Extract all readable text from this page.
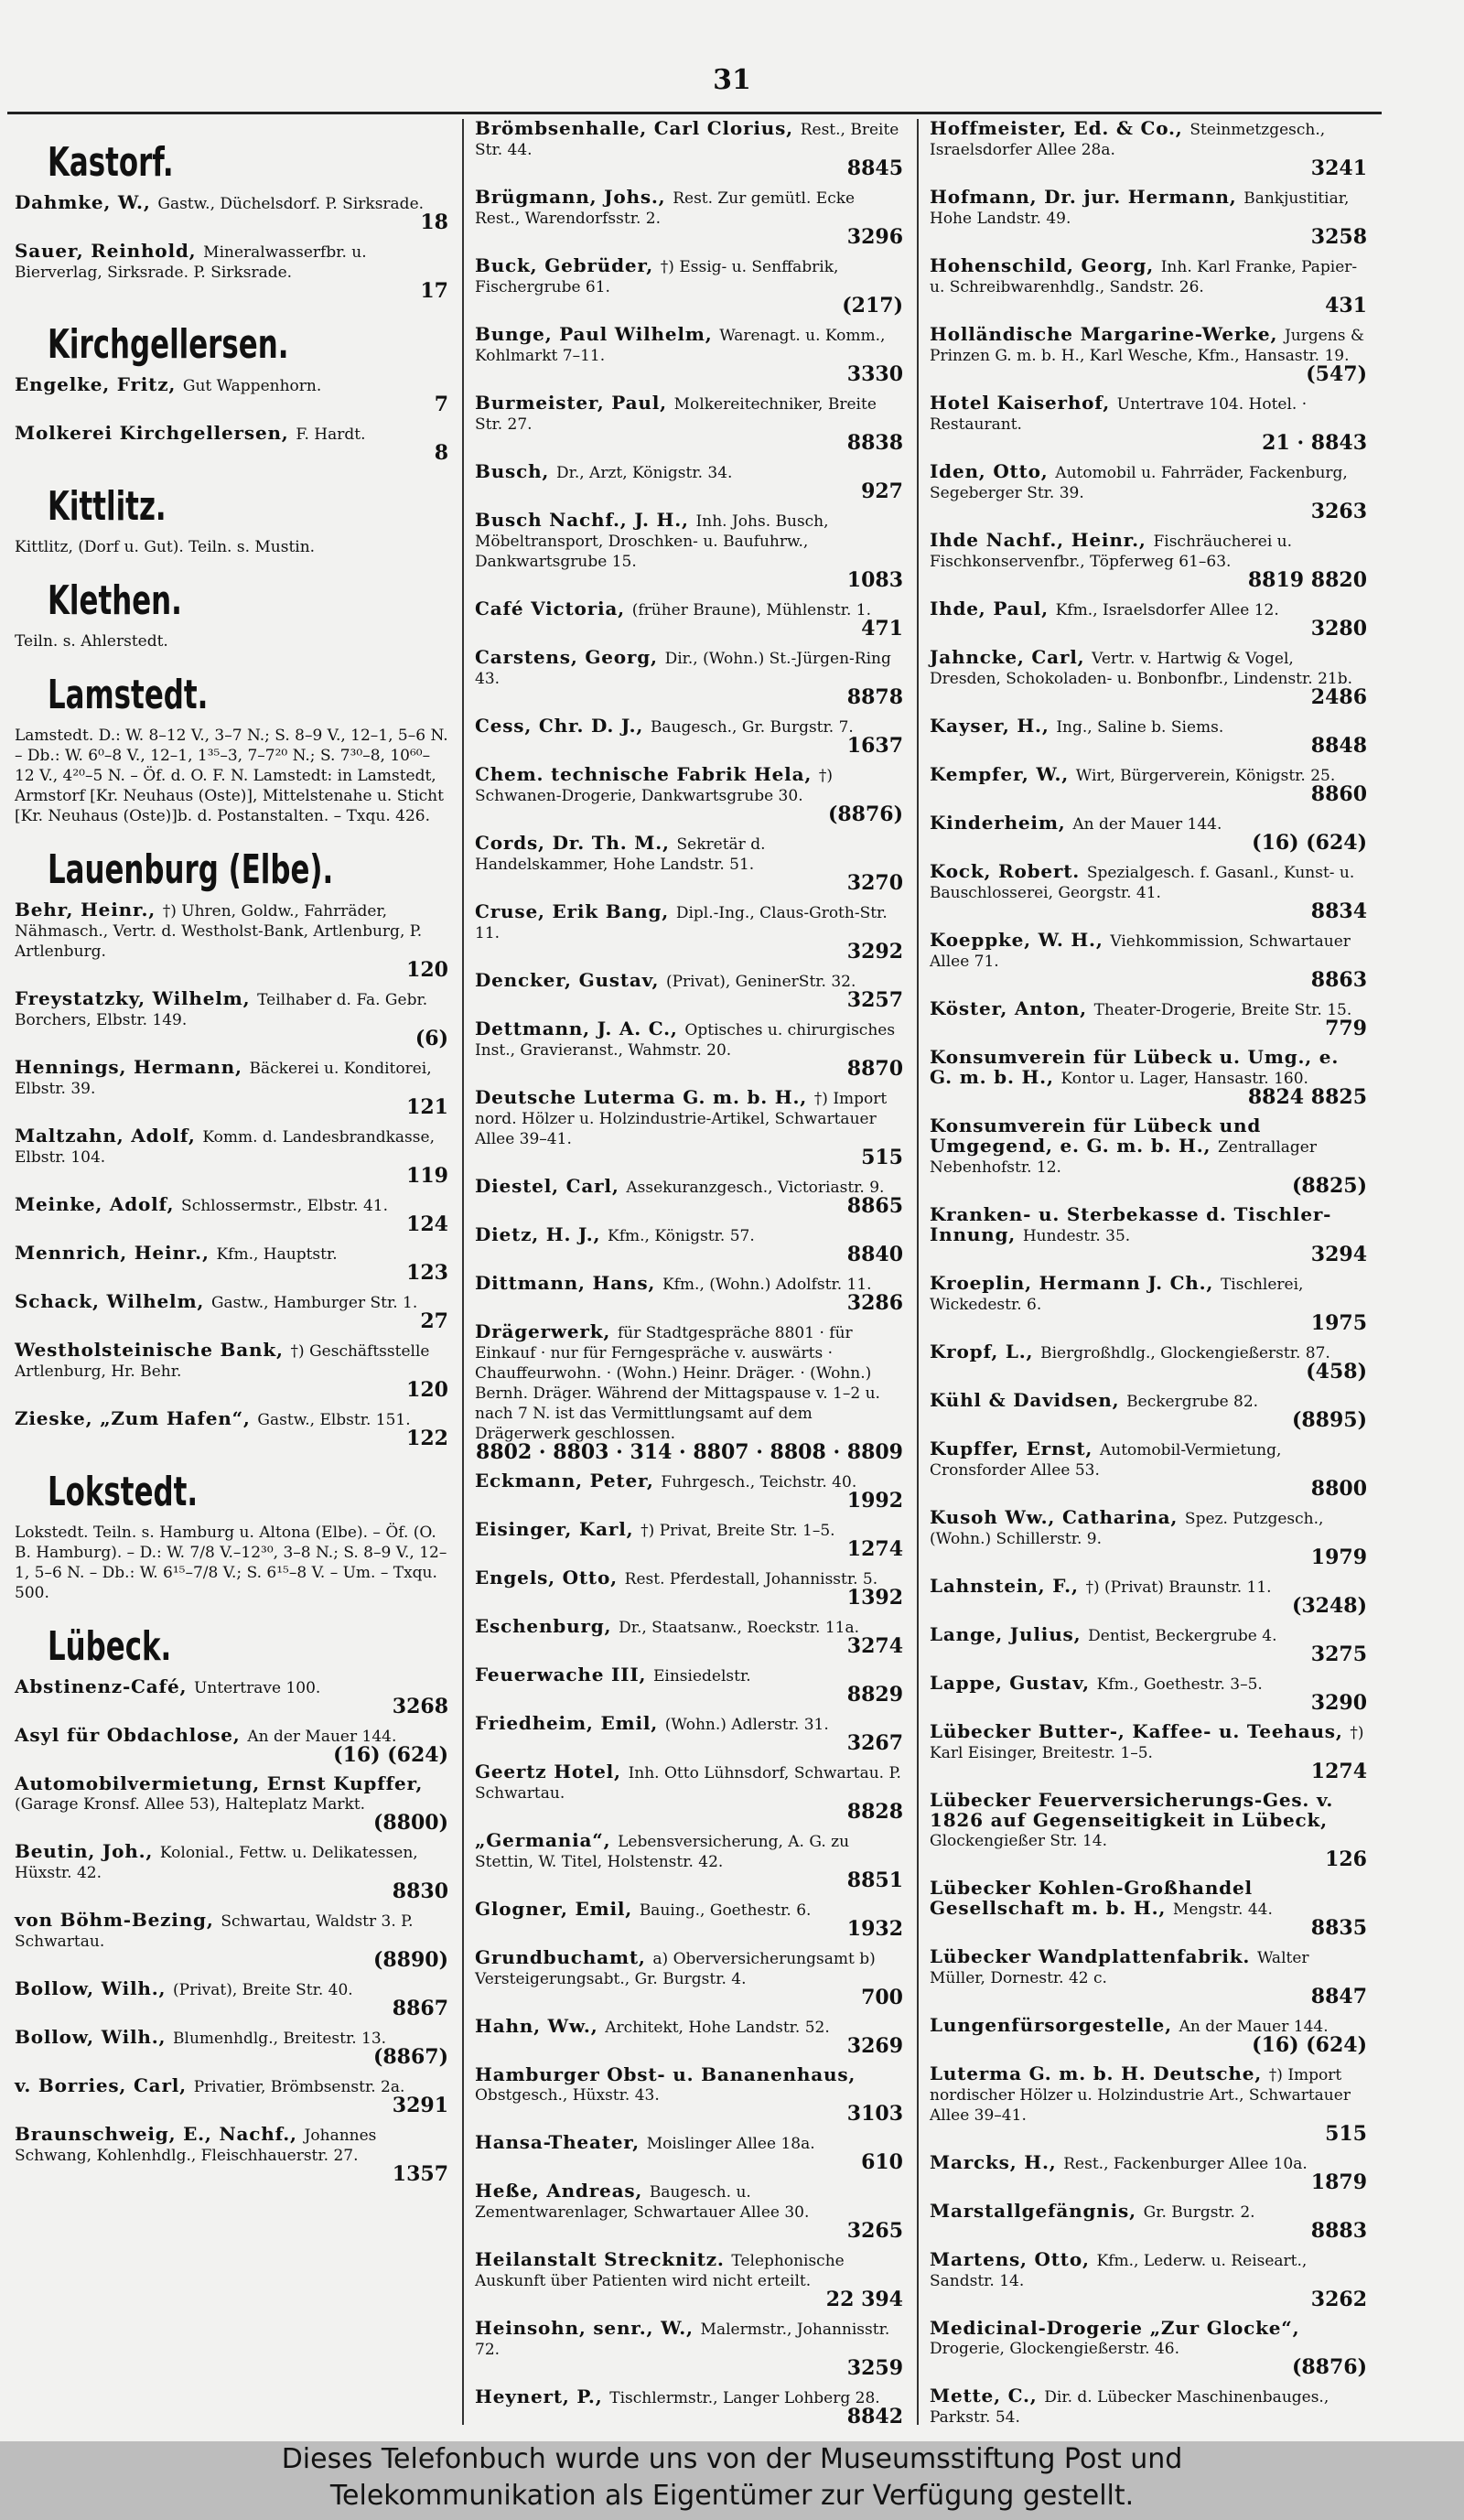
31
Kastorf.
Dahmke, W., Gastw., Düchelsdorf. P. Sirksrade.
18
Sauer, Reinhold, Mineralwasserfbr. u. Bierverlag, Sirksrade. P. Sirksrade.
17
Kirchgellersen.
Engelke, Fritz, Gut Wappenhorn.
7
Molkerei Kirchgellersen, F. Hardt.
8
Kittlitz.
Kittlitz, (Dorf u. Gut). Teiln. s. Mustin.
Klethen.
Teiln. s. Ahlerstedt.
Lamstedt.
Lamstedt. D.: W. 8–12 V., 3–7 N.; S. 8–9 V., 12–1, 5–6 N. – Db.: W. 6⁰–8 V., 12–1, 1³⁵–3, 7–7²⁰ N.; S. 7³⁰–8, 10⁶⁰–12 V., 4²⁰–5 N. – Öf. d. O. F. N. Lamstedt: in Lamstedt, Armstorf [Kr. Neuhaus (Oste)], Mittelstenahe u. Sticht [Kr. Neuhaus (Oste)]b. d. Postanstalten. – Txqu. 426.
Lauenburg (Elbe).
Behr, Heinr., †) Uhren, Goldw., Fahrräder, Nähmasch., Vertr. d. Westholst-Bank, Artlenburg, P. Artlenburg.
120
Freystatzky, Wilhelm, Teilhaber d. Fa. Gebr. Borchers, Elbstr. 149.
(6)
Hennings, Hermann, Bäckerei u. Konditorei, Elbstr. 39.
121
Maltzahn, Adolf, Komm. d. Landesbrandkasse, Elbstr. 104.
119
Meinke, Adolf, Schlossermstr., Elbstr. 41.
124
Mennrich, Heinr., Kfm., Hauptstr.
123
Schack, Wilhelm, Gastw., Hamburger Str. 1.
27
Westholsteinische Bank, †) Geschäftsstelle Artlenburg, Hr. Behr.
120
Zieske, „Zum Hafen“, Gastw., Elbstr. 151.
122
Lokstedt.
Lokstedt. Teiln. s. Hamburg u. Altona (Elbe). – Öf. (O. B. Hamburg). – D.: W. 7/8 V.–12³⁰, 3–8 N.; S. 8–9 V., 12–1, 5–6 N. – Db.: W. 6¹⁵–7/8 V.; S. 6¹⁵–8 V. – Um. – Txqu. 500.
Lübeck.
Abstinenz-Café, Untertrave 100.
3268
Asyl für Obdachlose, An der Mauer 144.
(16) (624)
Automobilvermietung, Ernst Kupffer, (Garage Kronsf. Allee 53), Halteplatz Markt.
(8800)
Beutin, Joh., Kolonial., Fettw. u. Delikatessen, Hüxstr. 42.
8830
von Böhm-Bezing, Schwartau, Waldstr 3. P. Schwartau.
(8890)
Bollow, Wilh., (Privat), Breite Str. 40.
8867
Bollow, Wilh., Blumenhdlg., Breitestr. 13.
(8867)
v. Borries, Carl, Privatier, Brömbsenstr. 2a.
3291
Braunschweig, E., Nachf., Johannes Schwang, Kohlenhdlg., Fleischhauerstr. 27.
1357
Brömbsenhalle, Carl Clorius, Rest., Breite Str. 44.
8845
Brügmann, Johs., Rest. Zur gemütl. Ecke Rest., Warendorfsstr. 2.
3296
Buck, Gebrüder, †) Essig- u. Senffabrik, Fischergrube 61.
(217)
Bunge, Paul Wilhelm, Warenagt. u. Komm., Kohlmarkt 7–11.
3330
Burmeister, Paul, Molkereitechniker, Breite Str. 27.
8838
Busch, Dr., Arzt, Königstr. 34.
927
Busch Nachf., J. H., Inh. Johs. Busch, Möbeltransport, Droschken- u. Baufuhrw., Dankwartsgrube 15.
1083
Café Victoria, (früher Braune), Mühlenstr. 1.
471
Carstens, Georg, Dir., (Wohn.) St.-Jürgen-Ring 43.
8878
Cess, Chr. D. J., Baugesch., Gr. Burgstr. 7.
1637
Chem. technische Fabrik Hela, †) Schwanen-Drogerie, Dankwartsgrube 30.
(8876)
Cords, Dr. Th. M., Sekretär d. Handelskammer, Hohe Landstr. 51.
3270
Cruse, Erik Bang, Dipl.-Ing., Claus-Groth-Str. 11.
3292
Dencker, Gustav, (Privat), GeninerStr. 32.
3257
Dettmann, J. A. C., Optisches u. chirurgisches Inst., Gravieranst., Wahmstr. 20.
8870
Deutsche Luterma G. m. b. H., †) Import nord. Hölzer u. Holzindustrie-Artikel, Schwartauer Allee 39–41.
515
Diestel, Carl, Assekuranzgesch., Victoriastr. 9.
8865
Dietz, H. J., Kfm., Königstr. 57.
8840
Dittmann, Hans, Kfm., (Wohn.) Adolfstr. 11.
3286
Drägerwerk, für Stadtgespräche 8801 · für Einkauf · nur für Ferngespräche v. auswärts · Chauffeurwohn. · (Wohn.) Heinr. Dräger. · (Wohn.) Bernh. Dräger. Während der Mittagspause v. 1–2 u. nach 7 N. ist das Vermittlungsamt auf dem Drägerwerk geschlossen.
8802 · 8803 · 314 · 8807 · 8808 · 8809
Eckmann, Peter, Fuhrgesch., Teichstr. 40.
1992
Eisinger, Karl, †) Privat, Breite Str. 1–5.
1274
Engels, Otto, Rest. Pferdestall, Johannisstr. 5.
1392
Eschenburg, Dr., Staatsanw., Roeckstr. 11a.
3274
Feuerwache III, Einsiedelstr.
8829
Friedheim, Emil, (Wohn.) Adlerstr. 31.
3267
Geertz Hotel, Inh. Otto Lühnsdorf, Schwartau. P. Schwartau.
8828
„Germania“, Lebensversicherung, A. G. zu Stettin, W. Titel, Holstenstr. 42.
8851
Glogner, Emil, Bauing., Goethestr. 6.
1932
Grundbuchamt, a) Oberversicherungsamt b) Versteigerungsabt., Gr. Burgstr. 4.
700
Hahn, Ww., Architekt, Hohe Landstr. 52.
3269
Hamburger Obst- u. Bananenhaus, Obstgesch., Hüxstr. 43.
3103
Hansa-Theater, Moislinger Allee 18a.
610
Heße, Andreas, Baugesch. u. Zementwarenlager, Schwartauer Allee 30.
3265
Heilanstalt Strecknitz. Telephonische Auskunft über Patienten wird nicht erteilt.
22 394
Heinsohn, senr., W., Malermstr., Johannisstr. 72.
3259
Heynert, P., Tischlermstr., Langer Lohberg 28.
8842
Hoffmeister, Ed. & Co., Steinmetzgesch., Israelsdorfer Allee 28a.
3241
Hofmann, Dr. jur. Hermann, Bankjustitiar, Hohe Landstr. 49.
3258
Hohenschild, Georg, Inh. Karl Franke, Papier- u. Schreibwarenhdlg., Sandstr. 26.
431
Holländische Margarine-Werke, Jurgens & Prinzen G. m. b. H., Karl Wesche, Kfm., Hansastr. 19.
(547)
Hotel Kaiserhof, Untertrave 104. Hotel. · Restaurant.
21 · 8843
Iden, Otto, Automobil u. Fahrräder, Fackenburg, Segeberger Str. 39.
3263
Ihde Nachf., Heinr., Fischräucherei u. Fischkonservenfbr., Töpferweg 61–63.
8819 8820
Ihde, Paul, Kfm., Israelsdorfer Allee 12.
3280
Jahncke, Carl, Vertr. v. Hartwig & Vogel, Dresden, Schokoladen- u. Bonbonfbr., Lindenstr. 21b.
2486
Kayser, H., Ing., Saline b. Siems.
8848
Kempfer, W., Wirt, Bürgerverein, Königstr. 25.
8860
Kinderheim, An der Mauer 144.
(16) (624)
Kock, Robert. Spezialgesch. f. Gasanl., Kunst- u. Bauschlosserei, Georgstr. 41.
8834
Koeppke, W. H., Viehkommission, Schwartauer Allee 71.
8863
Köster, Anton, Theater-Drogerie, Breite Str. 15.
779
Konsumverein für Lübeck u. Umg., e. G. m. b. H., Kontor u. Lager, Hansastr. 160.
8824 8825
Konsumverein für Lübeck und Umgegend, e. G. m. b. H., Zentrallager Nebenhofstr. 12.
(8825)
Kranken- u. Sterbekasse d. Tischler-Innung, Hundestr. 35.
3294
Kroeplin, Hermann J. Ch., Tischlerei, Wickedestr. 6.
1975
Kropf, L., Biergroßhdlg., Glockengießerstr. 87.
(458)
Kühl & Davidsen, Beckergrube 82.
(8895)
Kupffer, Ernst, Automobil-Vermietung, Cronsforder Allee 53.
8800
Kusoh Ww., Catharina, Spez. Putzgesch., (Wohn.) Schillerstr. 9.
1979
Lahnstein, F., †) (Privat) Braunstr. 11.
(3248)
Lange, Julius, Dentist, Beckergrube 4.
3275
Lappe, Gustav, Kfm., Goethestr. 3–5.
3290
Lübecker Butter-, Kaffee- u. Teehaus, †) Karl Eisinger, Breitestr. 1–5.
1274
Lübecker Feuerversicherungs-Ges. v. 1826 auf Gegenseitigkeit in Lübeck, Glockengießer Str. 14.
126
Lübecker Kohlen-Großhandel Gesellschaft m. b. H., Mengstr. 44.
8835
Lübecker Wandplattenfabrik. Walter Müller, Dornestr. 42 c.
8847
Lungenfürsorgestelle, An der Mauer 144.
(16) (624)
Luterma G. m. b. H. Deutsche, †) Import nordischer Hölzer u. Holzindustrie Art., Schwartauer Allee 39–41.
515
Marcks, H., Rest., Fackenburger Allee 10a.
1879
Marstallgefängnis, Gr. Burgstr. 2.
8883
Martens, Otto, Kfm., Lederw. u. Reiseart., Sandstr. 14.
3262
Medicinal-Drogerie „Zur Glocke“, Drogerie, Glockengießerstr. 46.
(8876)
Mette, C., Dir. d. Lübecker Maschinenbauges., Parkstr. 54.
Dieses Telefonbuch wurde uns von der Museumsstiftung Post und
Telekommunikation als Eigentümer zur Verfügung gestellt.
